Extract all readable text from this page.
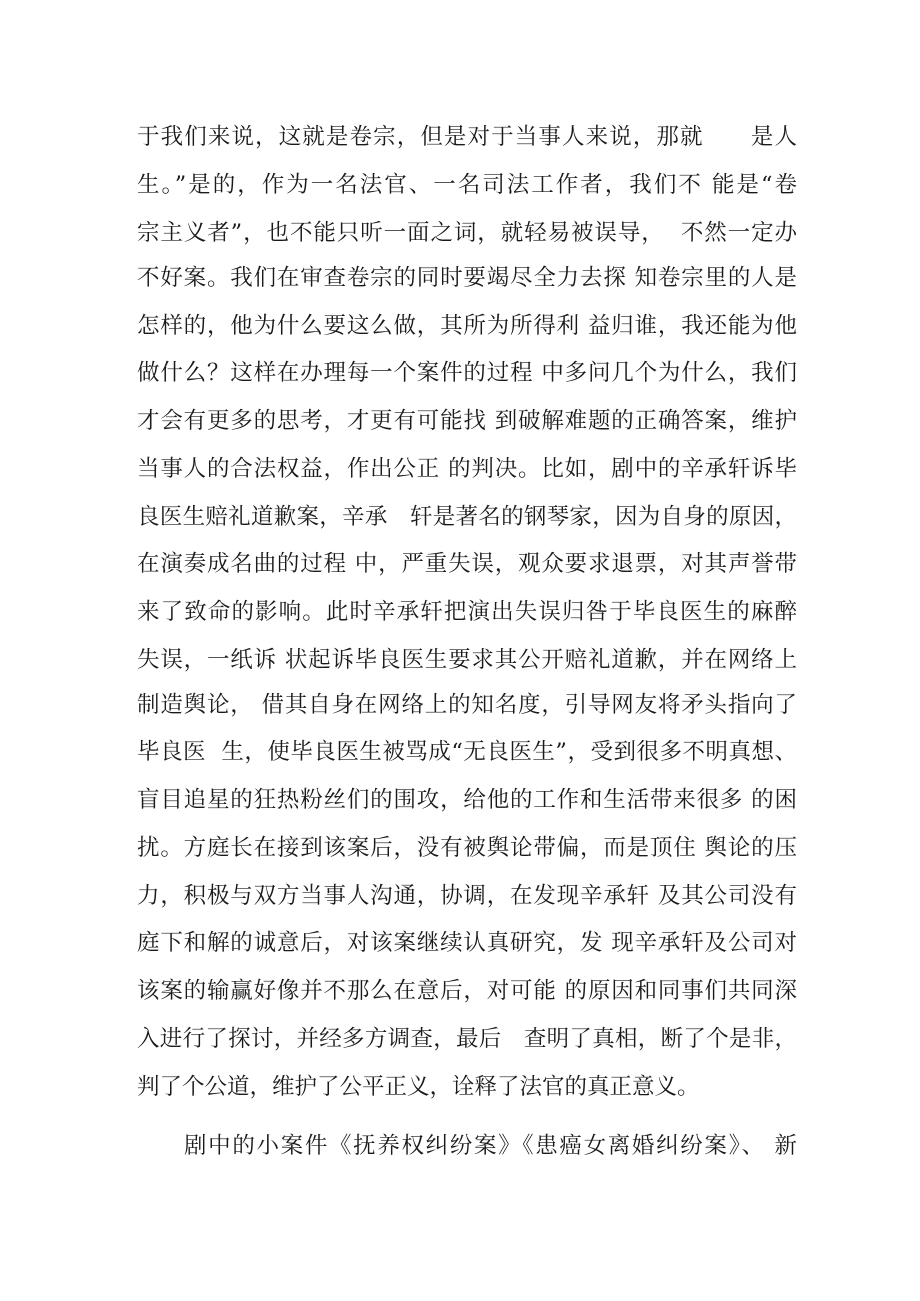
于我们来说，这就是卷宗，但是对于当事人来说，那就　　是人
生。”是的，作为一名法官、一名司法工作者，我们不 能是“卷
宗主义者”，也不能只听一面之词，就轻易被误导，  不然一定办
不好案。我们在审查卷宗的同时要竭尽全力去探 知卷宗里的人是
怎样的，他为什么要这么做，其所为所得利 益归谁，我还能为他
做什么？这样在办理每一个案件的过程 中多问几个为什么，我们
才会有更多的思考，才更有可能找 到破解难题的正确答案，维护
当事人的合法权益，作出公正 的判决。比如，剧中的辛承轩诉毕
良医生赔礼道歉案，辛承   轩是著名的钢琴家，因为自身的原因，
在演奏成名曲的过程 中，严重失误，观众要求退票，对其声誉带
来了致命的影响。此时辛承轩把演出失误归咎于毕良医生的麻醉
失误，一纸诉 状起诉毕良医生要求其公开赔礼道歉，并在网络上
制造舆论， 借其自身在网络上的知名度，引导网友将矛头指向了
毕良医  生，使毕良医生被骂成“无良医生”，受到很多不明真想、
盲目追星的狂热粉丝们的围攻，给他的工作和生活带来很多 的困
扰。方庭长在接到该案后，没有被舆论带偏，而是顶住 舆论的压
力，积极与双方当事人沟通，协调，在发现辛承轩 及其公司没有
庭下和解的诚意后，对该案继续认真研究，发 现辛承轩及公司对
该案的输赢好像并不那么在意后，对可能 的原因和同事们共同深
入进行了探讨，并经多方调查，最后   查明了真相，断了个是非，
判了个公道，维护了公平正义，诠释了法官的真正意义。
剧中的小案件《抚养权纠纷案》《患癌女离婚纠纷案》、 新
